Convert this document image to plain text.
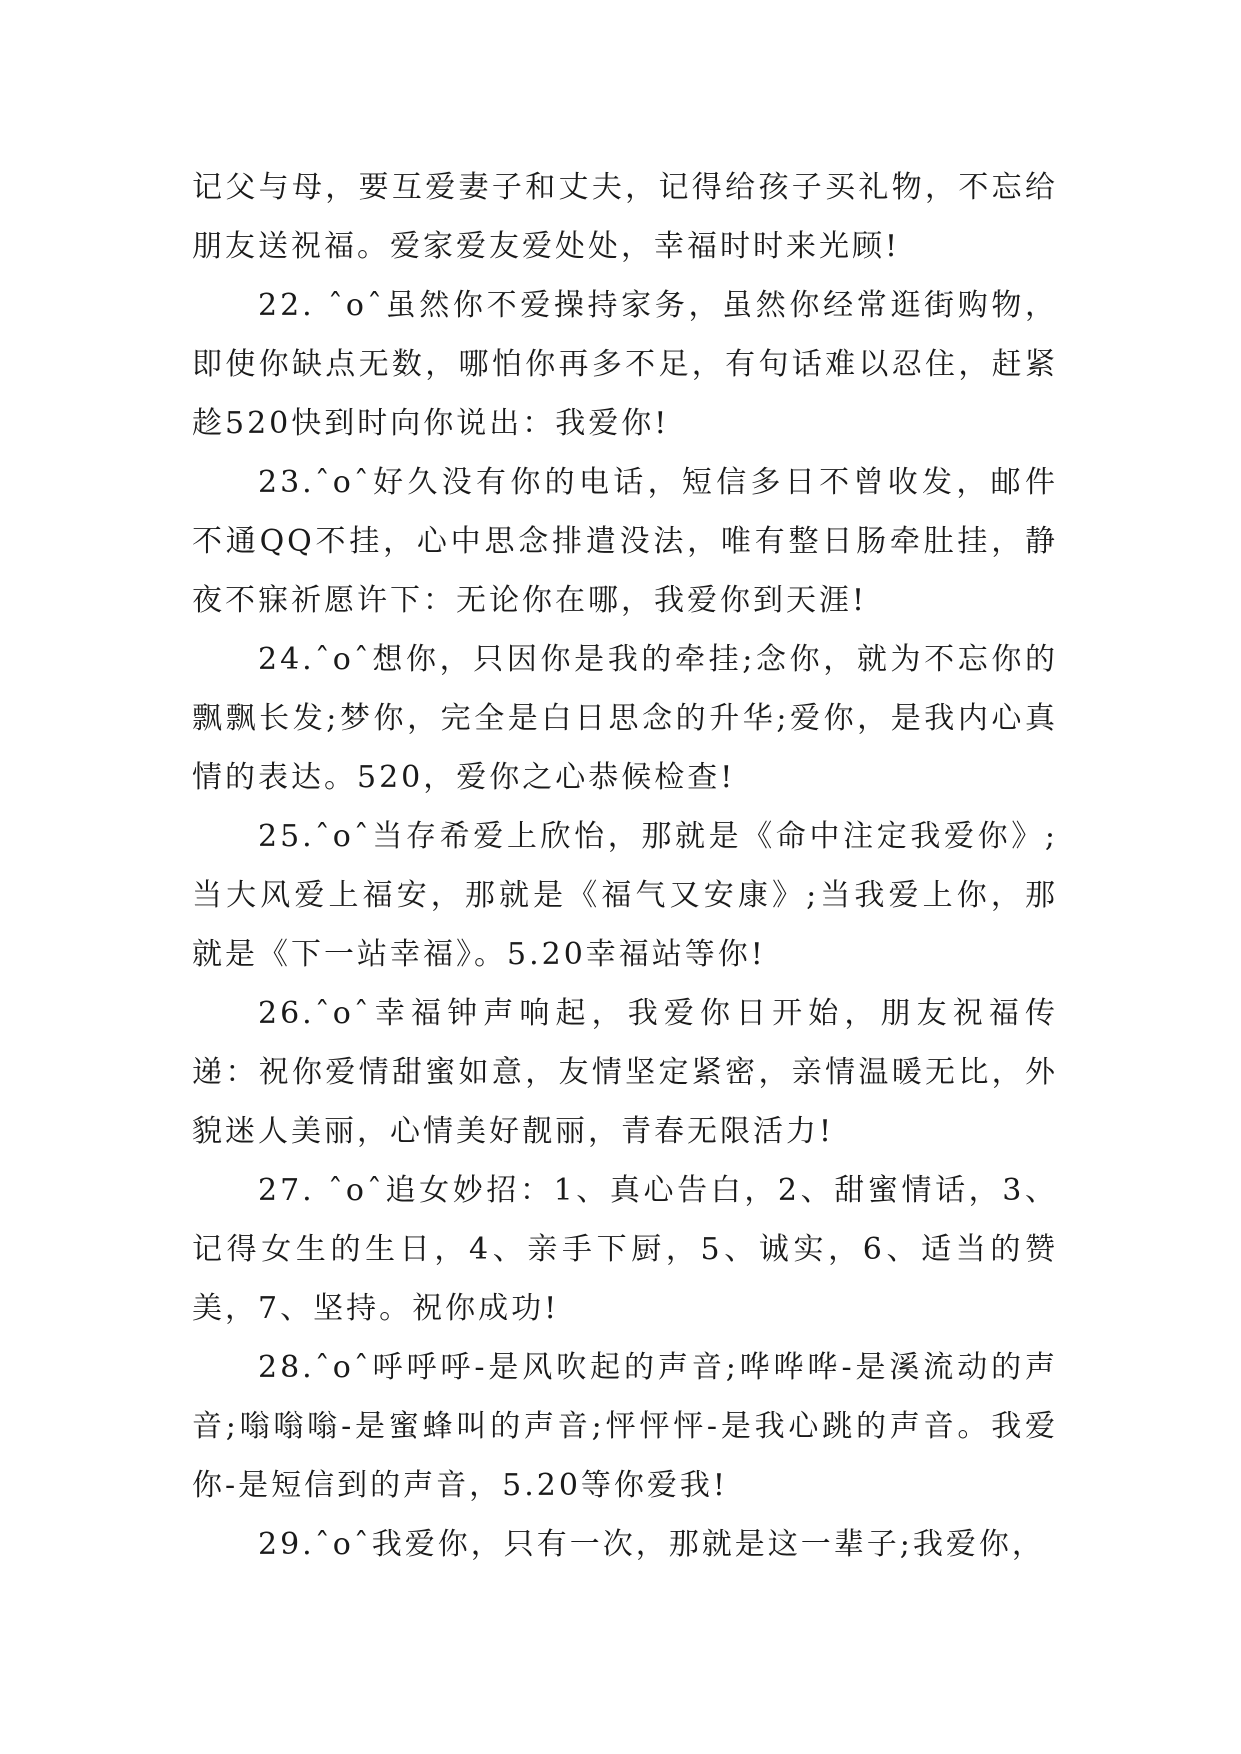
记父与母，要互爱妻子和丈夫，记得给孩子买礼物，不忘给朋友送祝福。爱家爱友爱处处，幸福时时来光顾!

22. ˆoˆ虽然你不爱操持家务，虽然你经常逛街购物，即使你缺点无数，哪怕你再多不足，有句话难以忍住，赶紧趁520快到时向你说出：我爱你!

23.ˆoˆ好久没有你的电话，短信多日不曾收发，邮件不通QQ不挂，心中思念排遣没法，唯有整日肠牵肚挂，静夜不寐祈愿许下：无论你在哪，我爱你到天涯!

24.ˆoˆ想你，只因你是我的牵挂;念你，就为不忘你的飘飘长发;梦你，完全是白日思念的升华;爱你，是我内心真情的表达。520，爱你之心恭候检查!

25.ˆoˆ当存希爱上欣怡，那就是《命中注定我爱你》;当大风爱上福安，那就是《福气又安康》;当我爱上你，那就是《下一站幸福》。5.20幸福站等你!

26.ˆoˆ幸福钟声响起，我爱你日开始，朋友祝福传递：祝你爱情甜蜜如意，友情坚定紧密，亲情温暖无比，外貌迷人美丽，心情美好靓丽，青春无限活力!

27. ˆoˆ追女妙招：1、真心告白，2、甜蜜情话，3、记得女生的生日，4、亲手下厨，5、诚实，6、适当的赞美，7、坚持。祝你成功!

28.ˆoˆ呼呼呼-是风吹起的声音;哗哗哗-是溪流动的声音;嗡嗡嗡-是蜜蜂叫的声音;怦怦怦-是我心跳的声音。我爱你-是短信到的声音，5.20等你爱我!

29.ˆoˆ我爱你，只有一次，那就是这一辈子;我爱你，
